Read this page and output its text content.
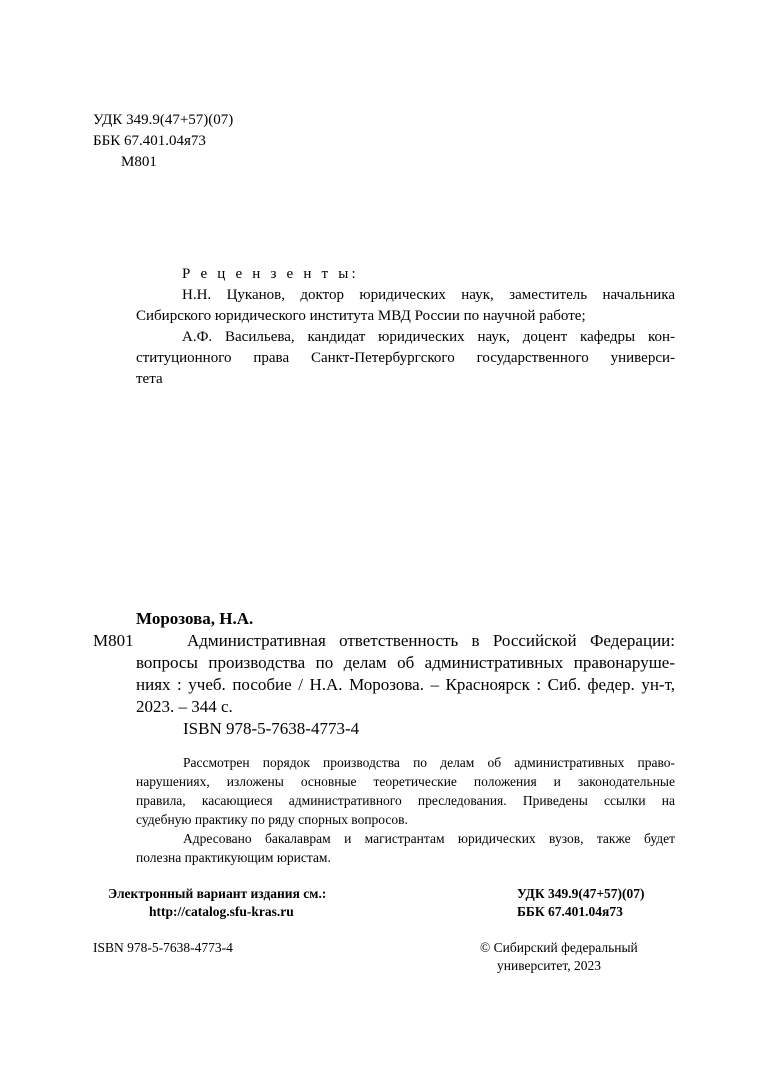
УДК 349.9(47+57)(07)
ББК 67.401.04я73
М801
Р е ц е н з е н т ы:
Н.Н. Цуканов, доктор юридических наук, заместитель начальника
Сибирского юридического института МВД России по научной работе;
А.Ф. Васильева, кандидат юридических наук, доцент кафедры кон-
ституционного права Санкт-Петербургского государственного универси-
тета
Морозова, Н.А.
М801	Административная ответственность в Российской Федерации:
вопросы производства по делам об административных правонаруше-
ниях : учеб. пособие / Н.А. Морозова. – Красноярск : Сиб. федер. ун-т,
2023. – 344 с.
ISBN 978-5-7638-4773-4
Рассмотрен порядок производства по делам об административных право-
нарушениях, изложены основные теоретические положения и законодательные
правила, касающиеся административного преследования. Приведены ссылки на
судебную практику по ряду спорных вопросов.
Адресовано бакалаврам и магистрантам юридических вузов, также будет
полезна практикующим юристам.
Электронный вариант издания см.:
http://catalog.sfu-kras.ru
УДК 349.9(47+57)(07)
ББК 67.401.04я73
ISBN 978-5-7638-4773-4	© Сибирский федеральный
университет, 2023
